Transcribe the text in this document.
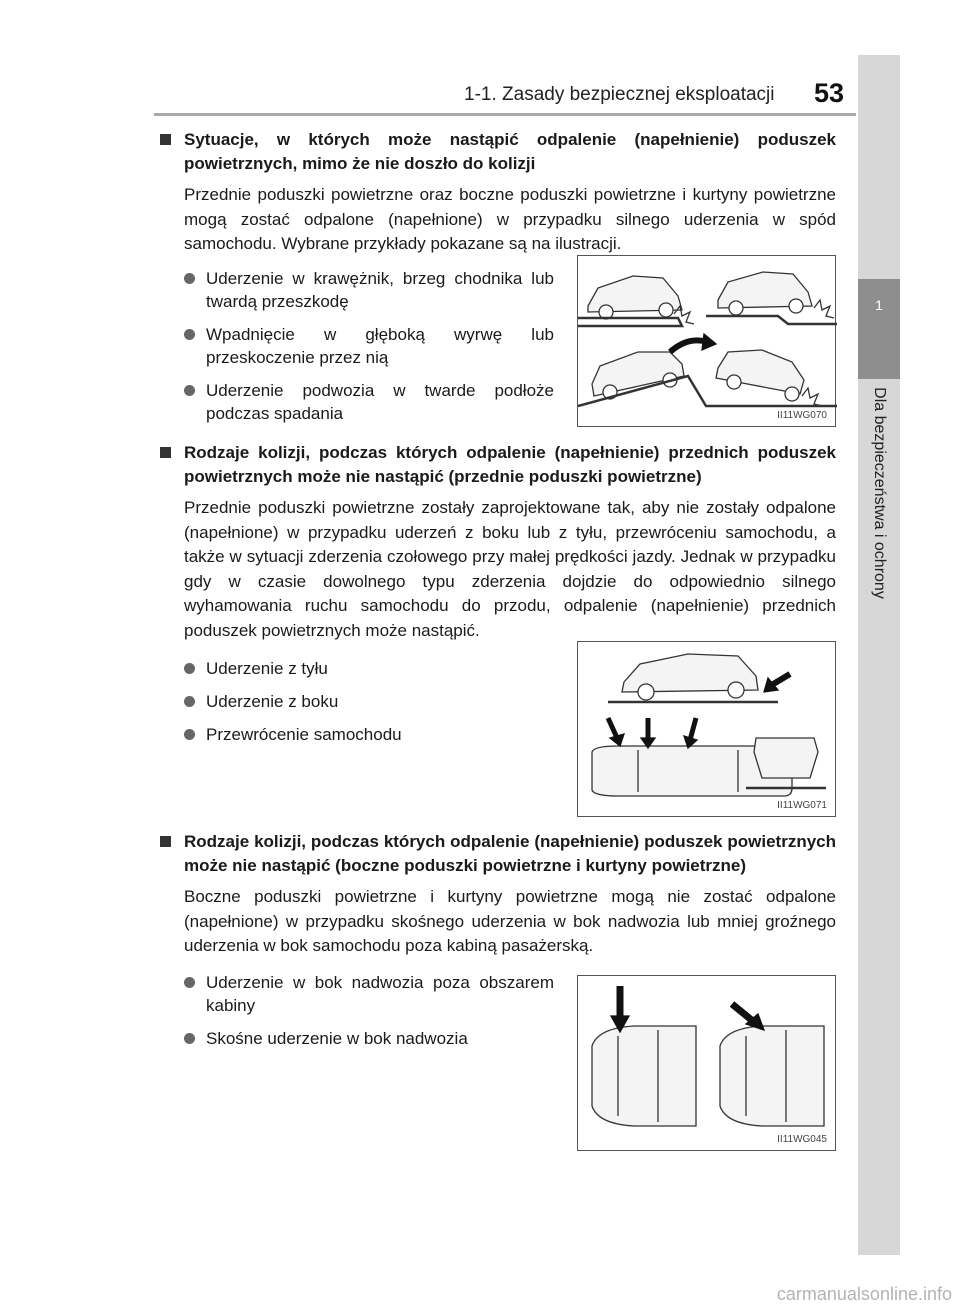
1-1. Zasady bezpiecznej eksploatacji 53
1
Dla bezpieczeństwa i ochrony
Sytuacje, w których może nastąpić odpalenie (napełnienie) poduszek powietrznych, mimo że nie doszło do kolizji
Przednie poduszki powietrzne oraz boczne poduszki powietrzne i kurtyny powietrzne mogą zostać odpalone (napełnione) w przypadku silnego uderzenia w spód samochodu. Wybrane przykłady pokazane są na ilustracji.
Uderzenie w krawężnik, brzeg chodnika lub twardą przeszkodę
Wpadnięcie w głęboką wyrwę lub przeskoczenie przez nią
Uderzenie podwozia w twarde podłoże podczas spadania	II11WG070
Rodzaje kolizji, podczas których odpalenie (napełnienie) przednich poduszek powietrznych może nie nastąpić (przednie poduszki powietrzne)
Przednie poduszki powietrzne zostały zaprojektowane tak, aby nie zostały odpalone (napełnione) w przypadku uderzeń z boku lub z tyłu, przewróceniu samochodu, a także w sytuacji zderzenia czołowego przy małej prędkości jazdy. Jednak w przypadku gdy w czasie dowolnego typu zderzenia dojdzie do odpowiednio silnego wyhamowania ruchu samochodu do przodu, odpalenie (napełnienie) przednich poduszek powietrznych może nastąpić.
Uderzenie z tyłu
Uderzenie z boku
Przewrócenie samochodu
II11WG071
Rodzaje kolizji, podczas których odpalenie (napełnienie) poduszek powietrznych może nie nastąpić (boczne poduszki powietrzne i kurtyny powietrzne)
Boczne poduszki powietrzne i kurtyny powietrzne mogą nie zostać odpalone (napełnione) w przypadku skośnego uderzenia w bok nadwozia lub mniej groźnego uderzenia w bok samochodu poza kabiną pasażerską.
Uderzenie w bok nadwozia poza obszarem kabiny
Skośne uderzenie w bok nadwozia
II11WG045
carmanualsonline.info
